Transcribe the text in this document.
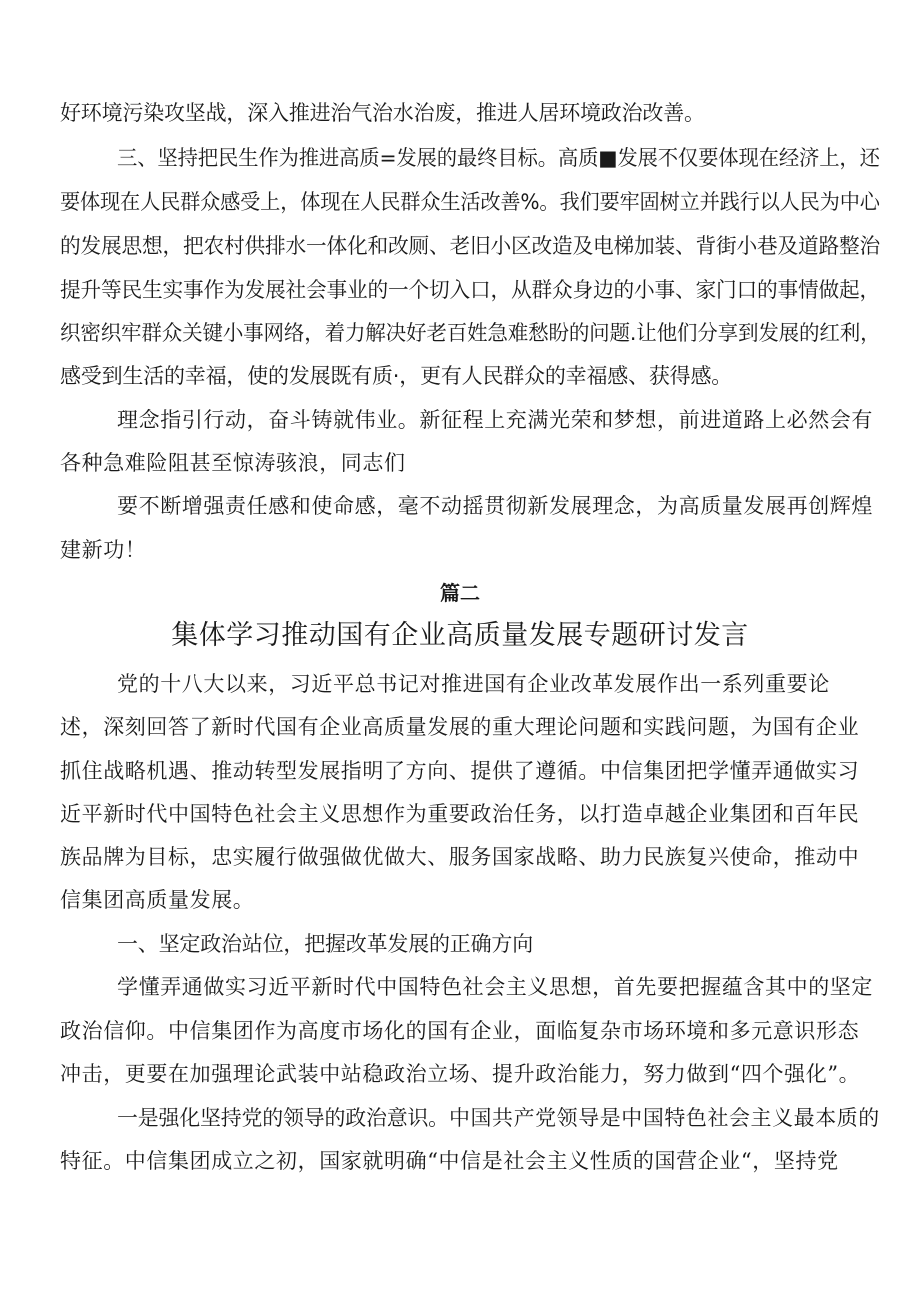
好环境污染攻坚战，深入推进治气治水治废，推进人居环境政治改善。
三、坚持把民生作为推进高质=发展的最终目标。高质■发展不仅要体现在经济上，还
要体现在人民群众感受上，体现在人民群众生活改善%。我们要牢固树立并践行以人民为中心
的发展思想，把农村供排水一体化和改厕、老旧小区改造及电梯加装、背街小巷及道路整治
提升等民生实事作为发展社会事业的一个切入口，从群众身边的小事、家门口的事情做起，
织密织牢群众关键小事网络，着力解决好老百姓急难愁盼的问题.让他们分享到发展的红利，
感受到生活的幸福，使的发展既有质·，更有人民群众的幸福感、获得感。
理念指引行动，奋斗铸就伟业。新征程上充满光荣和梦想，前进道路上必然会有
各种急难险阻甚至惊涛骇浪，同志们
要不断增强责任感和使命感，毫不动摇贯彻新发展理念，为高质量发展再创辉煌
建新功！
篇二
集体学习推动国有企业高质量发展专题研讨发言
党的十八大以来，习近平总书记对推进国有企业改革发展作出一系列重要论
述，深刻回答了新时代国有企业高质量发展的重大理论问题和实践问题，为国有企业
抓住战略机遇、推动转型发展指明了方向、提供了遵循。中信集团把学懂弄通做实习
近平新时代中国特色社会主义思想作为重要政治任务，以打造卓越企业集团和百年民
族品牌为目标，忠实履行做强做优做大、服务国家战略、助力民族复兴使命，推动中
信集团高质量发展。
一、坚定政治站位，把握改革发展的正确方向
学懂弄通做实习近平新时代中国特色社会主义思想，首先要把握蕴含其中的坚定
政治信仰。中信集团作为高度市场化的国有企业，面临复杂市场环境和多元意识形态
冲击，更要在加强理论武装中站稳政治立场、提升政治能力，努力做到“四个强化”。
一是强化坚持党的领导的政治意识。中国共产党领导是中国特色社会主义最本质的
特征。中信集团成立之初，国家就明确“中信是社会主义性质的国营企业“，坚持党
